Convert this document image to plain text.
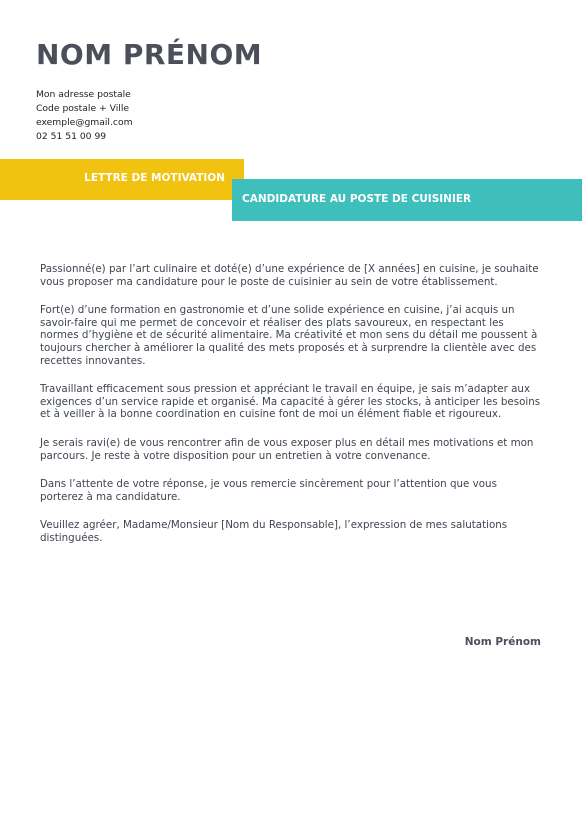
NOM PRÉNOM
Mon adresse postale
Code postale + Ville
exemple@gmail.com
02 51 51 00 99
LETTRE DE MOTIVATION
CANDIDATURE AU POSTE DE CUISINIER

Passionné(e) par l’art culinaire et doté(e) d’une expérience de [X années] en cuisine, je souhaite vous proposer ma candidature pour le poste de cuisinier au sein de votre établissement.

Fort(e) d’une formation en gastronomie et d’une solide expérience en cuisine, j’ai acquis un savoir-faire qui me permet de concevoir et réaliser des plats savoureux, en respectant les normes d’hygiène et de sécurité alimentaire. Ma créativité et mon sens du détail me poussent à toujours chercher à améliorer la qualité des mets proposés et à surprendre la clientèle avec des recettes innovantes.

Travaillant efficacement sous pression et appréciant le travail en équipe, je sais m’adapter aux exigences d’un service rapide et organisé. Ma capacité à gérer les stocks, à anticiper les besoins et à veiller à la bonne coordination en cuisine font de moi un élément fiable et rigoureux.

Je serais ravi(e) de vous rencontrer afin de vous exposer plus en détail mes motivations et mon parcours. Je reste à votre disposition pour un entretien à votre convenance.

Dans l’attente de votre réponse, je vous remercie sincèrement pour l’attention que vous porterez à ma candidature.

Veuillez agréer, Madame/Monsieur [Nom du Responsable], l’expression de mes salutations distinguées.

Nom Prénom
